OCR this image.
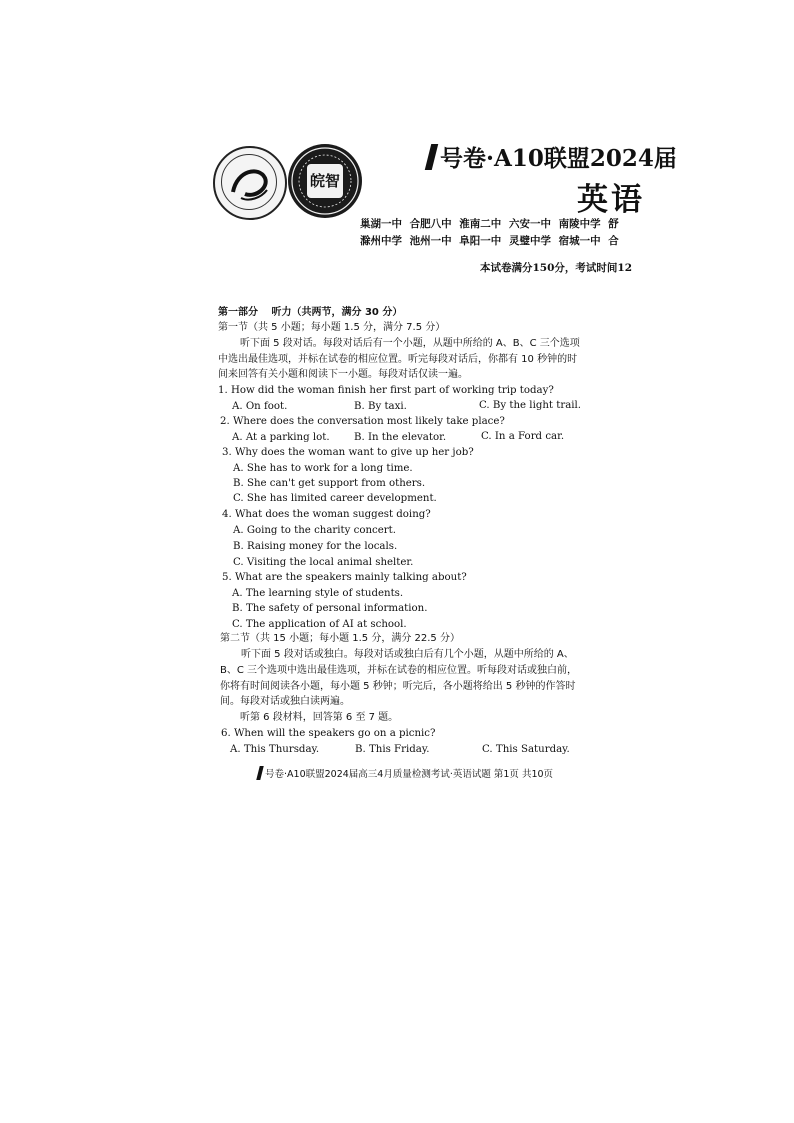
皖智
号卷·A10联盟2024届
英语
巢湖一中 合肥八中 淮南二中 六安一中 南陵中学 舒
滁州中学 池州一中 阜阳一中 灵璧中学 宿城一中 合
本试卷满分150分，考试时间12
第一部分　 听力（共两节，满分 30 分）
第一节（共 5 小题；每小题 1.5 分，满分 7.5 分）
听下面 5 段对话。每段对话后有一个小题，从题中所给的 A、B、C 三个选项
中选出最佳选项，并标在试卷的相应位置。听完每段对话后，你都有 10 秒钟的时
间来回答有关小题和阅读下一小题。每段对话仅读一遍。
1. How did the woman finish her first part of working trip today?
A. On foot.	B. By taxi.	C. By the light trail.
2. Where does the conversation most likely take place?
A. At a parking lot. B. In the elevator.	C. In a Ford car.
3. Why does the woman want to give up her job?
A. She has to work for a long time.
B. She can't get support from others.
C. She has limited career development.
4. What does the woman suggest doing?
A. Going to the charity concert.
B. Raising money for the locals.
C. Visiting the local animal shelter.
5. What are the speakers mainly talking about?
A. The learning style of students.
B. The safety of personal information.
C. The application of AI at school.
第二节（共 15 小题；每小题 1.5 分，满分 22.5 分）
听下面 5 段对话或独白。每段对话或独白后有几个小题，从题中所给的 A、
B、C 三个选项中选出最佳选项，并标在试卷的相应位置。听每段对话或独白前，
你将有时间阅读各小题，每小题 5 秒钟；听完后，各小题将给出 5 秒钟的作答时
间。每段对话或独白读两遍。
听第 6 段材料，回答第 6 至 7 题。
6. When will the speakers go on a picnic?
A. This Thursday.	B. This Friday.	C. This Saturday.
号卷·A10联盟2024届高三4月质量检测考试·英语试题 第1页 共10页
